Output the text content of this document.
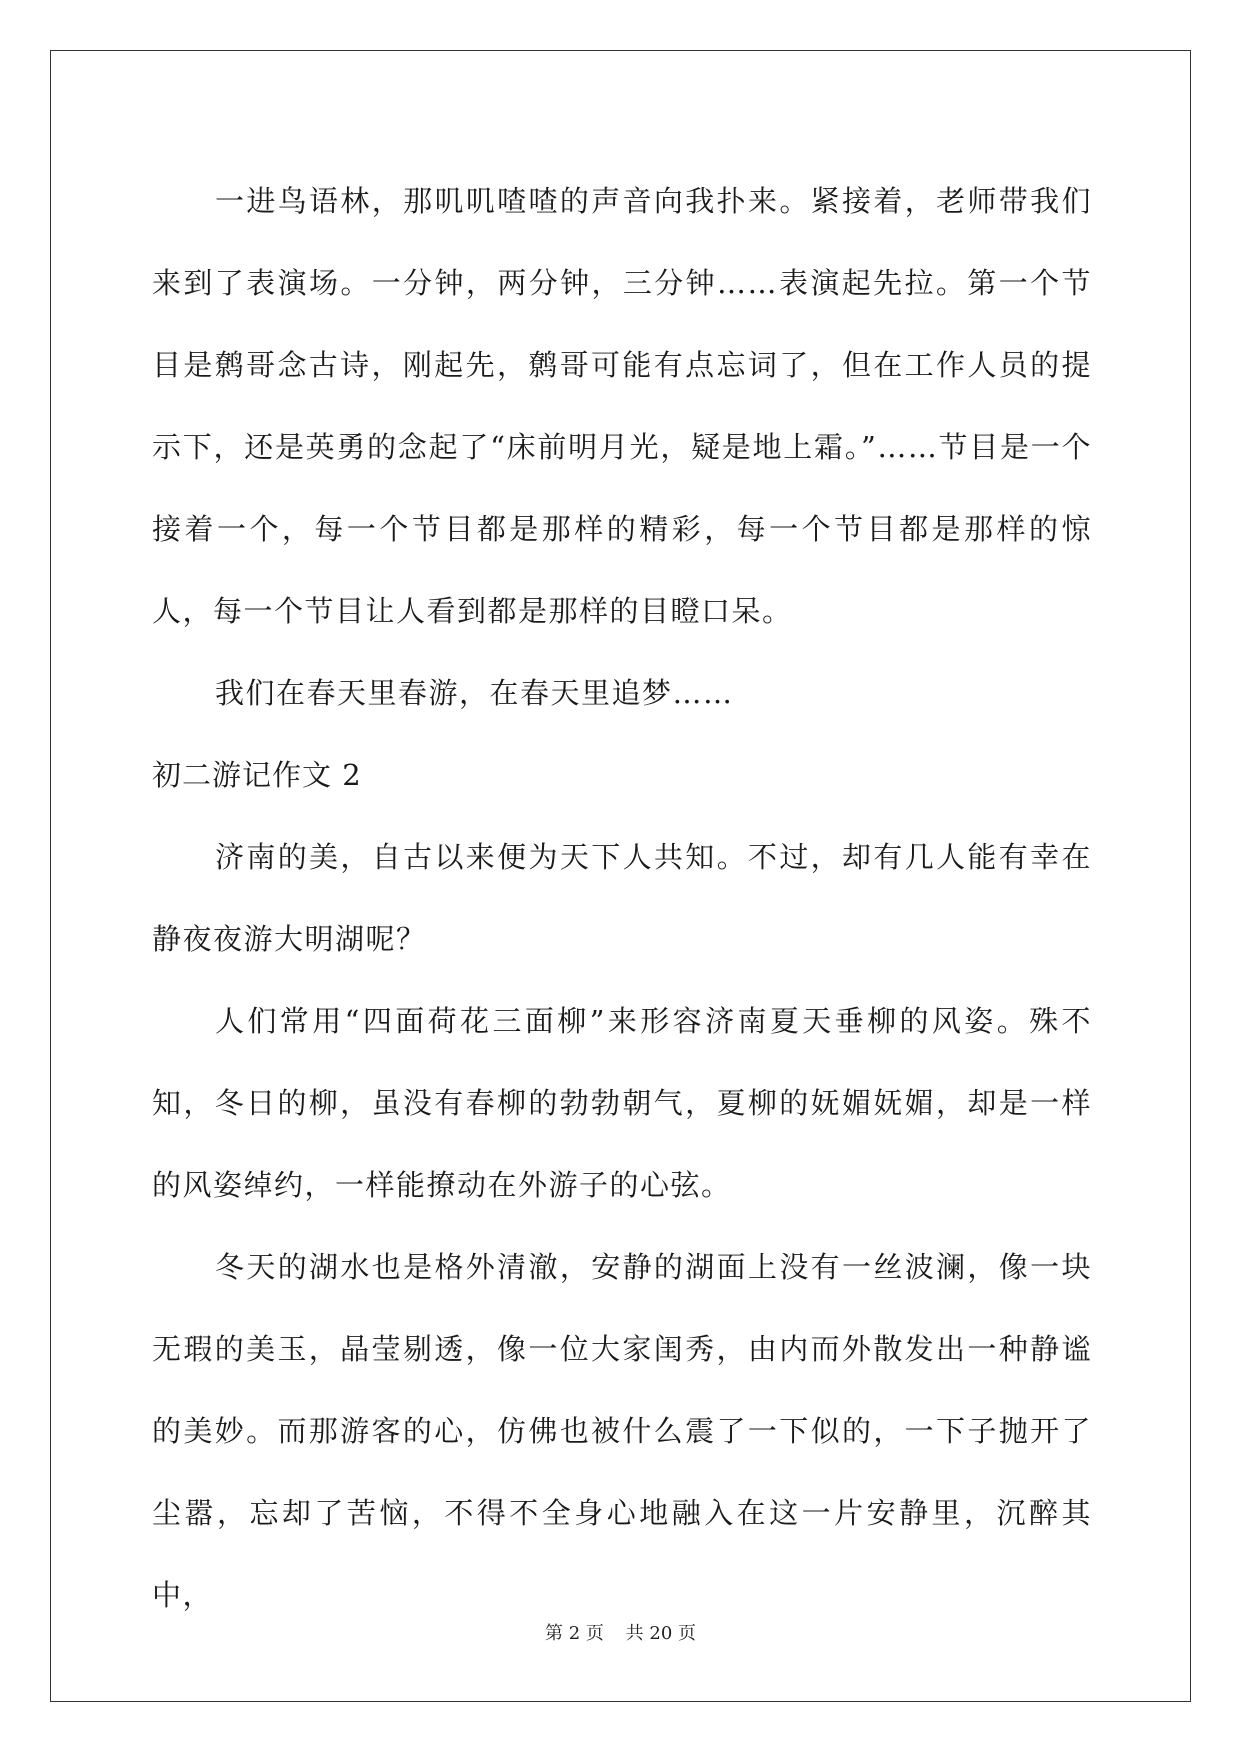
一进鸟语林，那叽叽喳喳的声音向我扑来。紧接着，老师带我们来到了表演场。一分钟，两分钟，三分钟……表演起先拉。第一个节目是鹩哥念古诗，刚起先，鹩哥可能有点忘词了，但在工作人员的提示下，还是英勇的念起了“床前明月光，疑是地上霜。”……节目是一个接着一个，每一个节目都是那样的精彩，每一个节目都是那样的惊人，每一个节目让人看到都是那样的目瞪口呆。

我们在春天里春游，在春天里追梦……

初二游记作文 2

济南的美，自古以来便为天下人共知。不过，却有几人能有幸在静夜夜游大明湖呢？

人们常用“四面荷花三面柳”来形容济南夏天垂柳的风姿。殊不知，冬日的柳，虽没有春柳的勃勃朝气，夏柳的妩媚妩媚，却是一样的风姿绰约，一样能撩动在外游子的心弦。

冬天的湖水也是格外清澈，安静的湖面上没有一丝波澜，像一块无瑕的美玉，晶莹剔透，像一位大家闺秀，由内而外散发出一种静谧的美妙。而那游客的心，仿佛也被什么震了一下似的，一下子抛开了尘嚣，忘却了苦恼，不得不全身心地融入在这一片安静里，沉醉其中，

第 2 页 共 20 页
